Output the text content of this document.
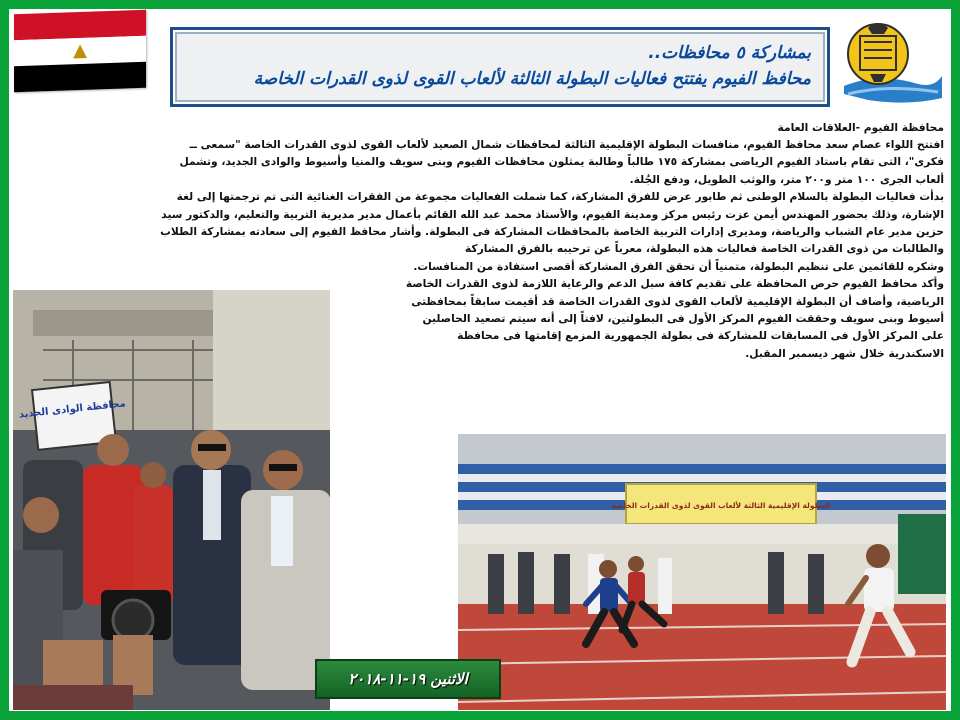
▲	بمشاركة ٥ محافظات..
محافظ الفيوم يفتتح فعاليات البطولة الثالثة لألعاب القوى لذوى القدرات الخاصة

محافظة الفيوم -العلاقات العامة

افتتح اللواء عصام سعد محافظ الفيوم، منافسات البطولة الإقليمية الثالثة لمحافظات شمال الصعيد لألعاب القوى لذوى القدرات الخاصة "سمعى ــ

فكرى"، التى تقام باستاد الفيوم الرياضى بمشاركة ١٧٥ طالباً وطالبة يمثلون محافظات الفيوم وبنى سويف والمنيا وأسيوط والوادى الجديد، وتشمل

ألعاب الجرى ١٠٠ متر و٢٠٠ متر، والوثب الطويل، ودفع الجُلة.

بدأت فعاليات البطولة بالسلام الوطنى ثم طابور عرض للفرق المشاركة، كما شملت الفعاليات مجموعة من الفقرات الغنائية التى تم ترجمتها إلى لغة

الإشارة، وذلك بحضور المهندس أيمن عزت رئيس مركز ومدينة الفيوم، والأستاذ محمد عبد الله القائم بأعمال مدير مديرية التربية والتعليم، والدكتور سيد

حزين مدير عام الشباب والرياضة، ومديرى إدارات التربية الخاصة بالمحافظات المشاركة فى البطولة. وأشار محافظ الفيوم إلى سعادته بمشاركة الطلاب

والطالبات من ذوى القدرات الخاصة فعاليات هذه البطولة، معرباً عن ترحيبه بالفرق المشاركة

وشكره للقائمين على تنظيم البطولة، متمنياً أن تحقق الفرق المشاركة أقصى استفادة من المنافسات.

وأكد محافظ الفيوم حرص المحافظة على تقديم كافة سبل الدعم والرعاية اللازمة لذوى القدرات الخاصة

الرياضية، وأضاف أن البطولة الإقليمية لألعاب القوى لذوى القدرات الخاصة قد أقيمت سابقاً بمحافظتى

أسيوط وبنى سويف وحققت الفيوم المركز الأول فى البطولتين، لافتاً إلى أنه سيتم تصعيد الحاصلين

على المركز الأول فى المسابقات للمشاركة فى بطولة الجمهورية المزمع إقامتها فى محافظة

الاسكندرية خلال شهر ديسمبر المقبل.

محافظة الوادى الجديد
البطولة الإقليمية الثالثة لألعاب القوى لذوى القدرات الخاصة
الاثنين ١٩-١١-٢٠١٨
